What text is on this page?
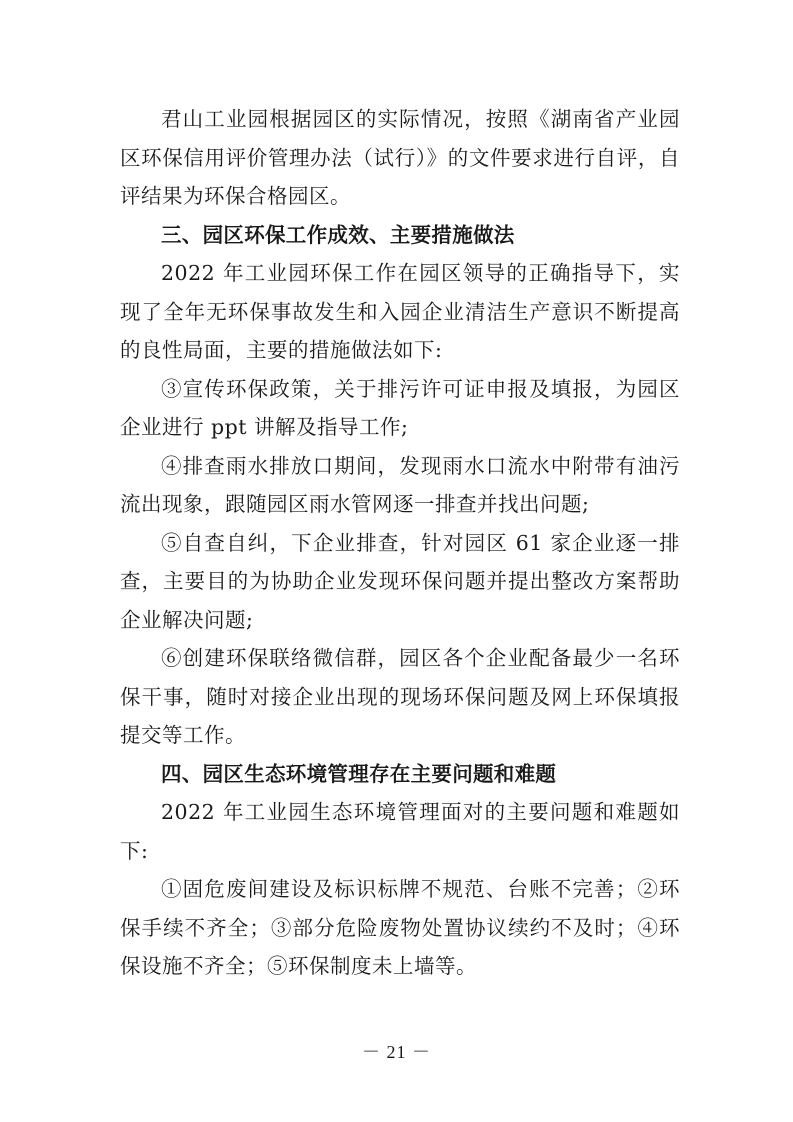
君山工业园根据园区的实际情况，按照《湖南省产业园区环保信用评价管理办法（试行）》的文件要求进行自评，自评结果为环保合格园区。

三、园区环保工作成效、主要措施做法

2022 年工业园环保工作在园区领导的正确指导下，实现了全年无环保事故发生和入园企业清洁生产意识不断提高的良性局面，主要的措施做法如下:

③宣传环保政策，关于排污许可证申报及填报，为园区企业进行 ppt 讲解及指导工作;

④排查雨水排放口期间，发现雨水口流水中附带有油污流出现象，跟随园区雨水管网逐一排查并找出问题;

⑤自查自纠，下企业排查，针对园区 61 家企业逐一排查，主要目的为协助企业发现环保问题并提出整改方案帮助企业解决问题;

⑥创建环保联络微信群，园区各个企业配备最少一名环保干事，随时对接企业出现的现场环保问题及网上环保填报提交等工作。

四、园区生态环境管理存在主要问题和难题

2022 年工业园生态环境管理面对的主要问题和难题如下:

①固危废间建设及标识标牌不规范、台账不完善；②环保手续不齐全；③部分危险废物处置协议续约不及时；④环保设施不齐全；⑤环保制度未上墙等。

－ 21 －
